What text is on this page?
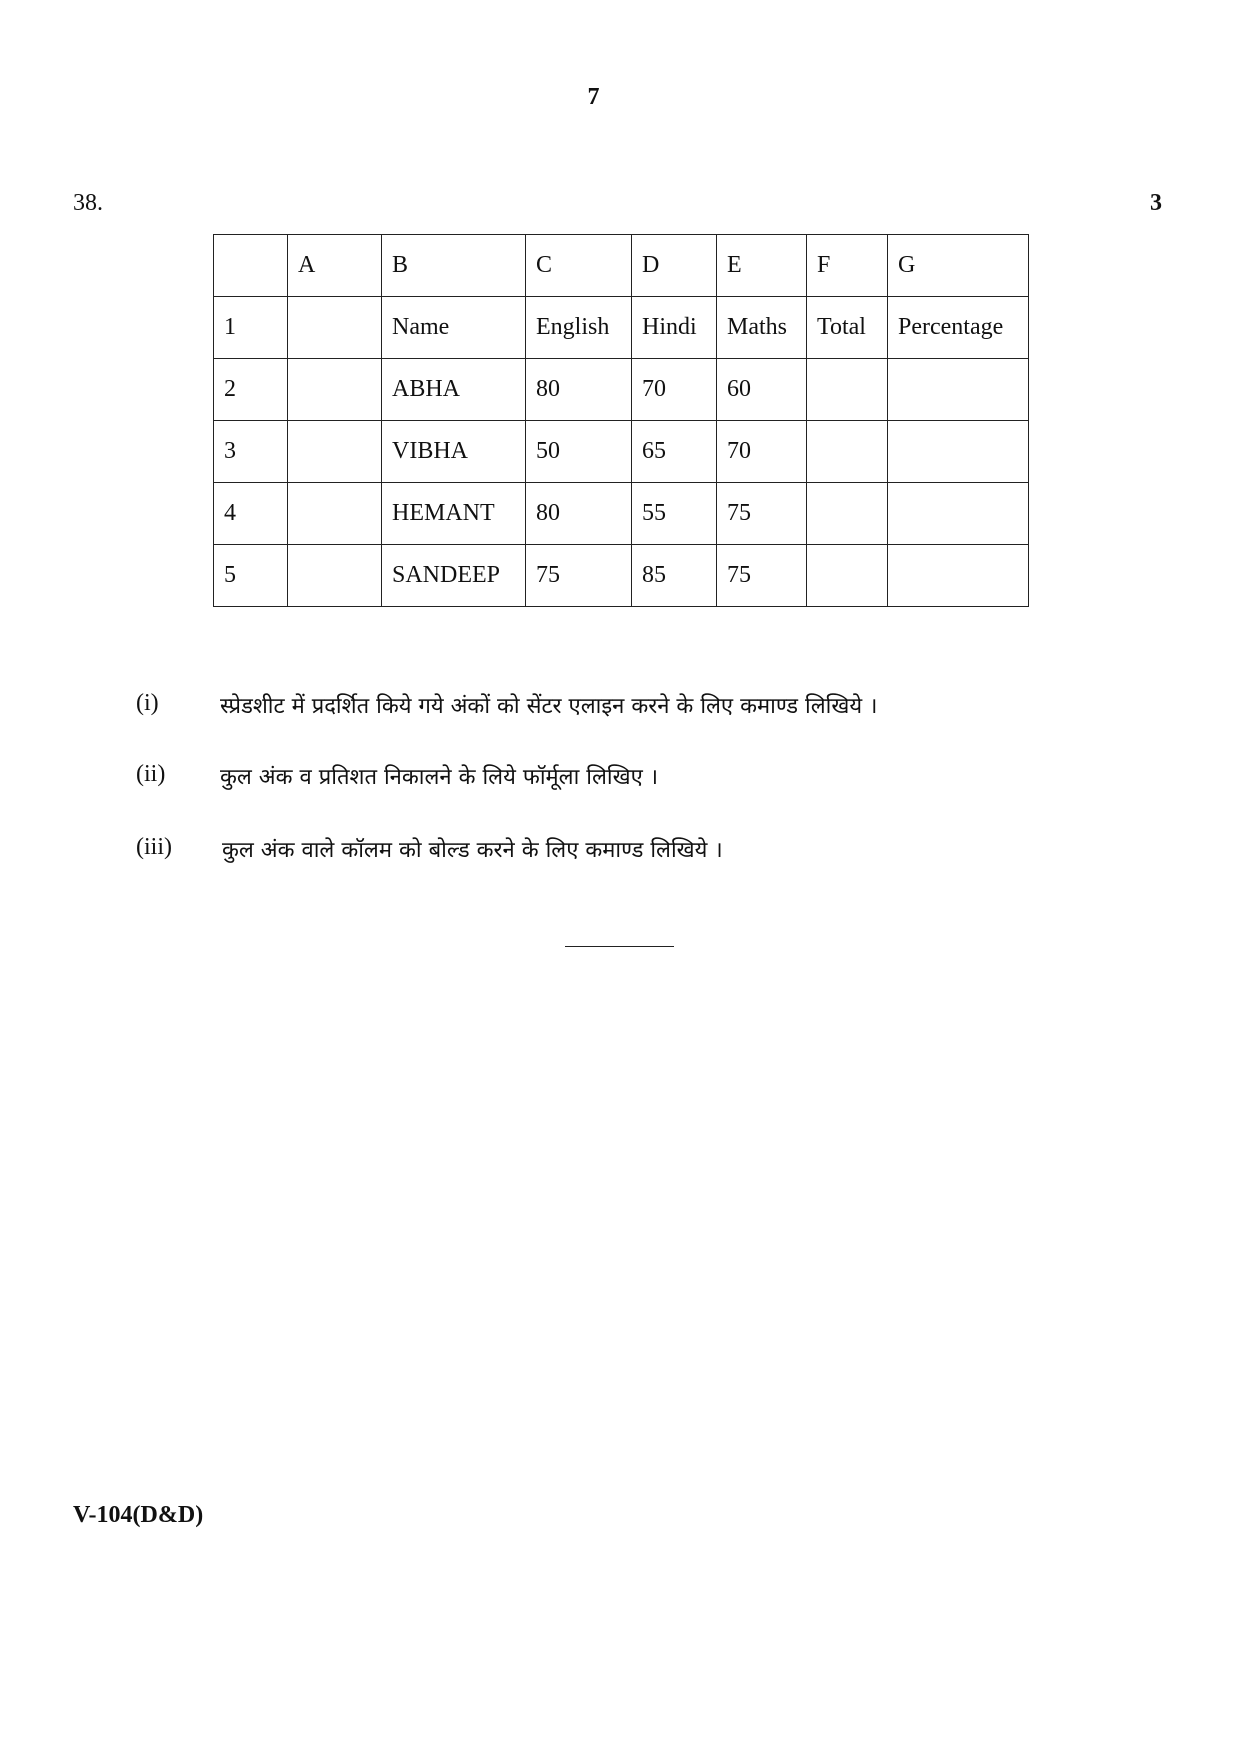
7
38.	3
	A	B	C	D	E	F	G
1		Name	English	Hindi	Maths	Total	Percentage
2		ABHA	80	70	60		
3		VIBHA	50	65	70		
4		HEMANT	80	55	75		
5		SANDEEP	75	85	75		
(i)	स्प्रेडशीट में प्रदर्शित किये गये अंकों को सेंटर एलाइन करने के लिए कमाण्ड लिखिये ।
(ii) कुल अंक व प्रतिशत निकालने के लिये फॉर्मूला लिखिए ।
(iii) कुल अंक वाले कॉलम को बोल्ड करने के लिए कमाण्ड लिखिये ।
V-104(D&D)
